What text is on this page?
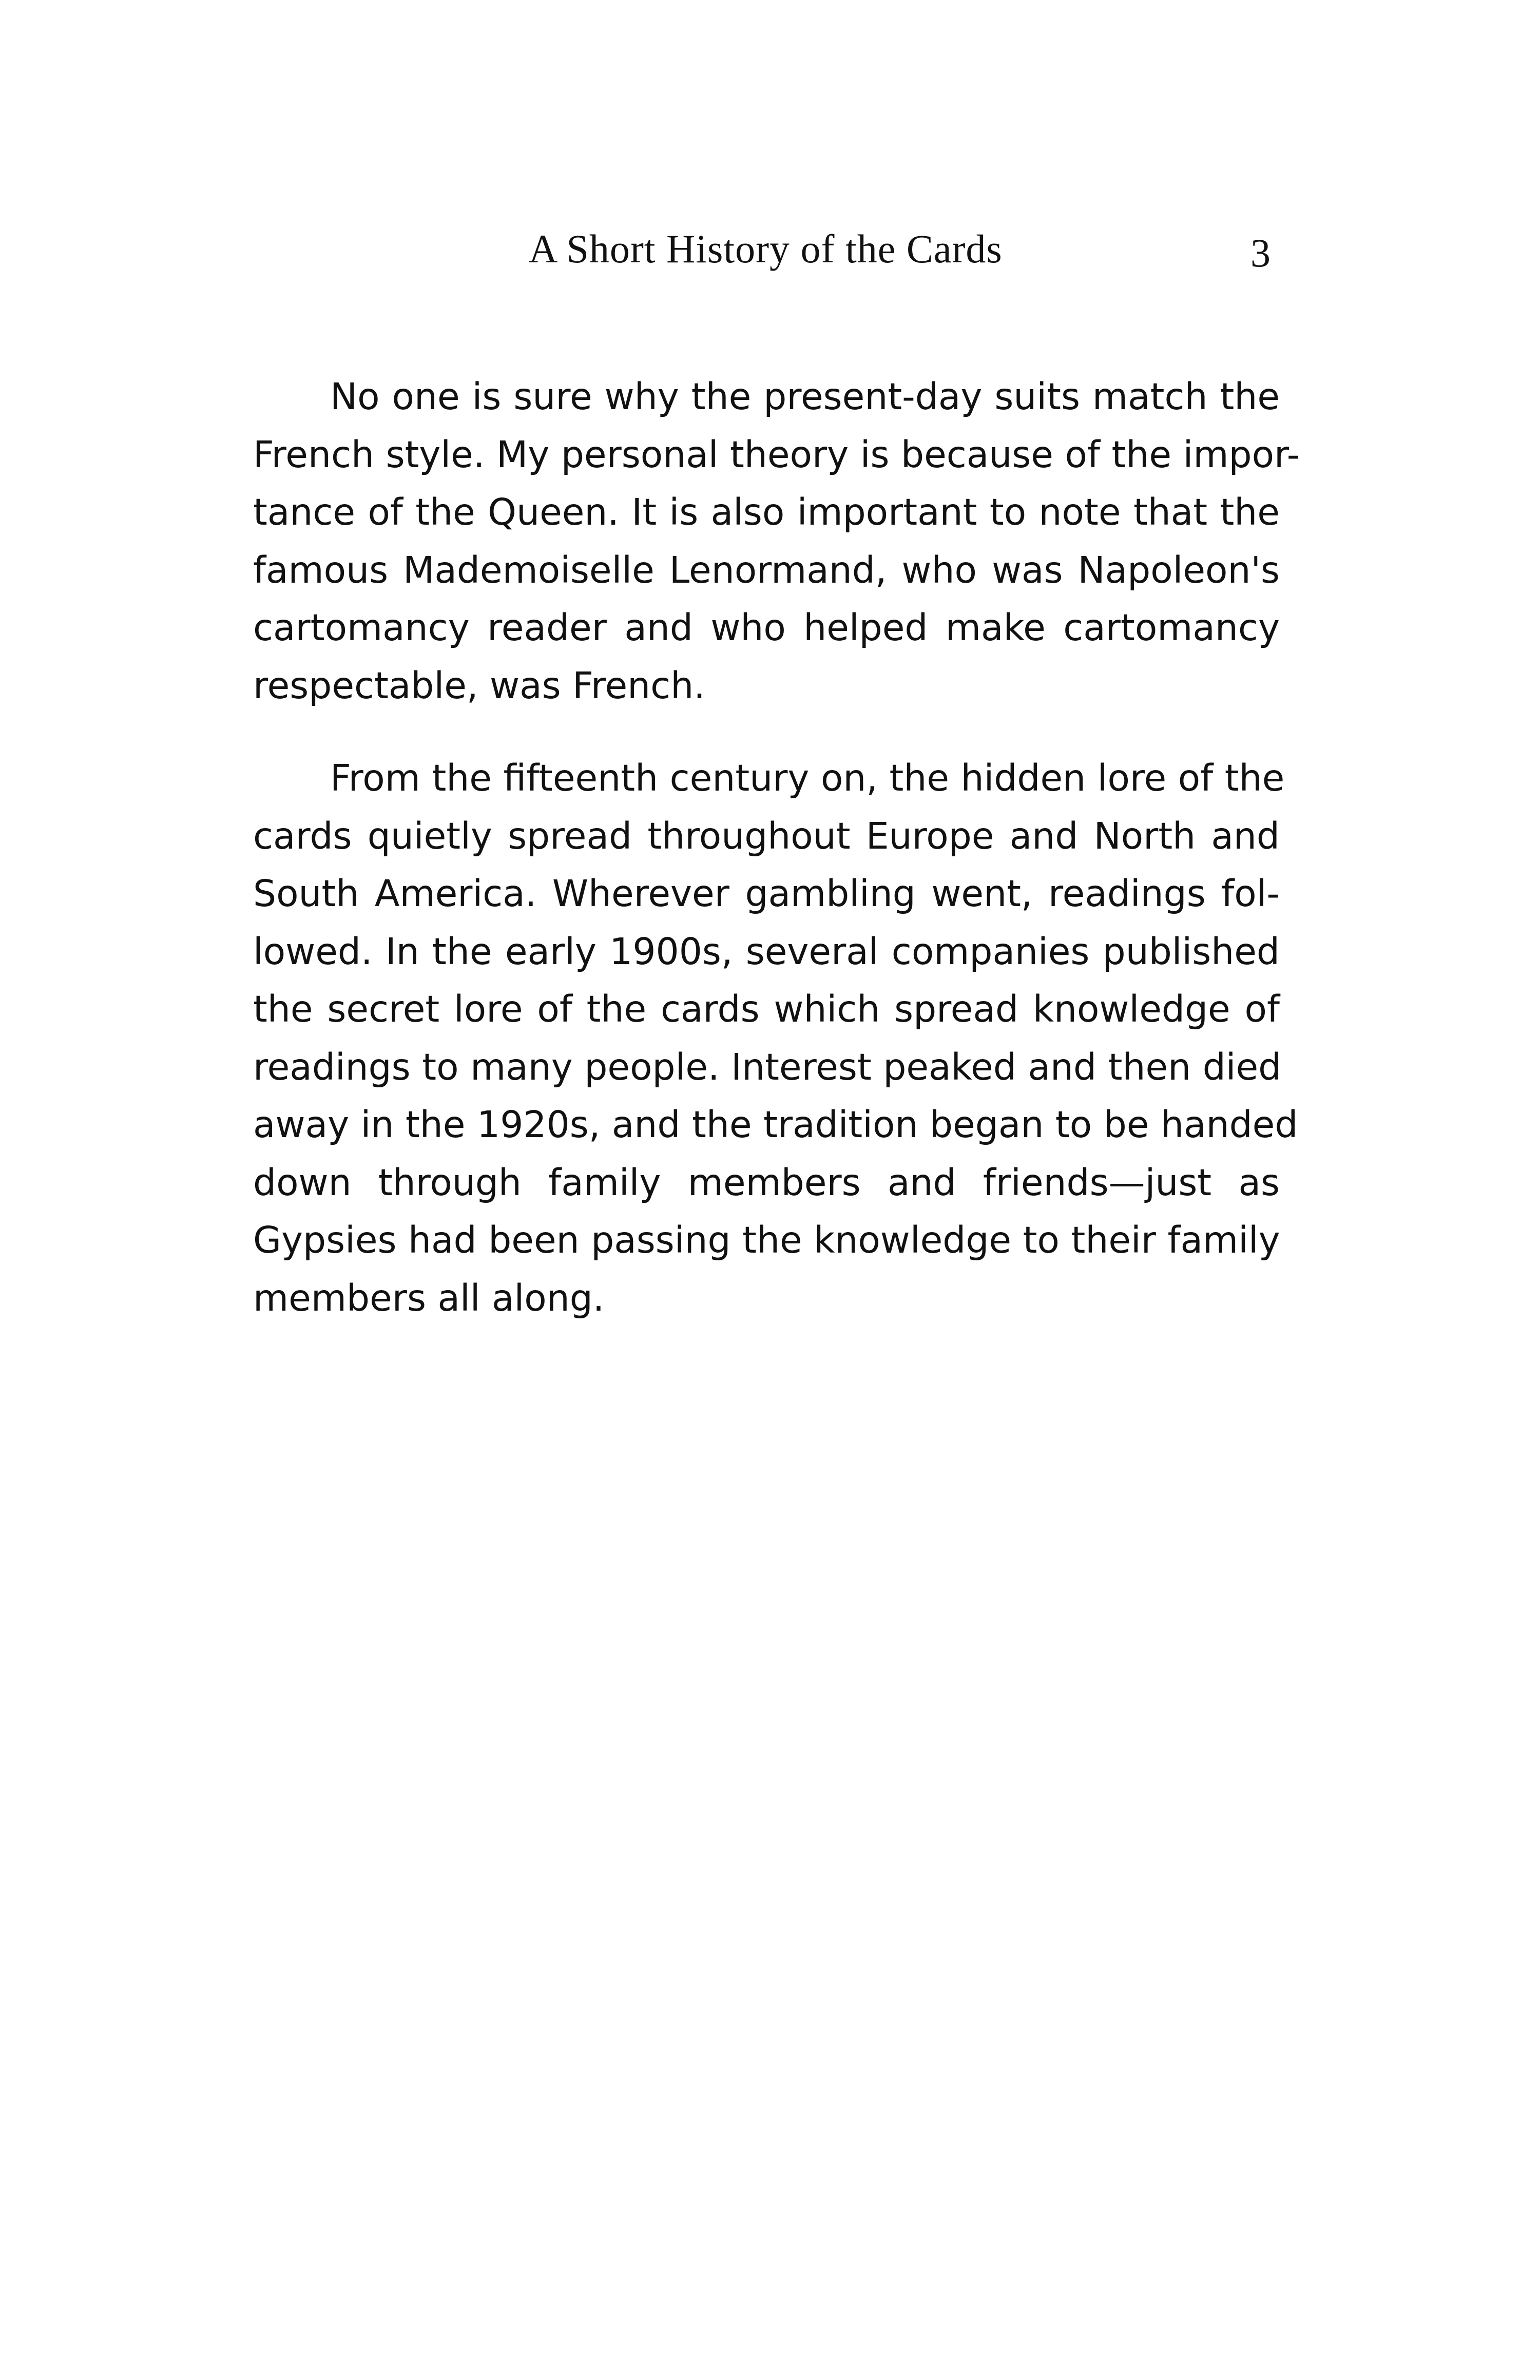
A Short History of the Cards	3
No one is sure why the present-day suits match the
French style. My personal theory is because of the impor-
tance of the Queen. It is also important to note that the
famous Mademoiselle Lenormand, who was Napoleon's
cartomancy reader and who helped make cartomancy
respectable, was French.
From the fifteenth century on, the hidden lore of the
cards quietly spread throughout Europe and North and
South America. Wherever gambling went, readings fol-
lowed. In the early 1900s, several companies published
the secret lore of the cards which spread knowledge of
readings to many people. Interest peaked and then died
away in the 1920s, and the tradition began to be handed
down through family members and friends—just as
Gypsies had been passing the knowledge to their family
members all along.
